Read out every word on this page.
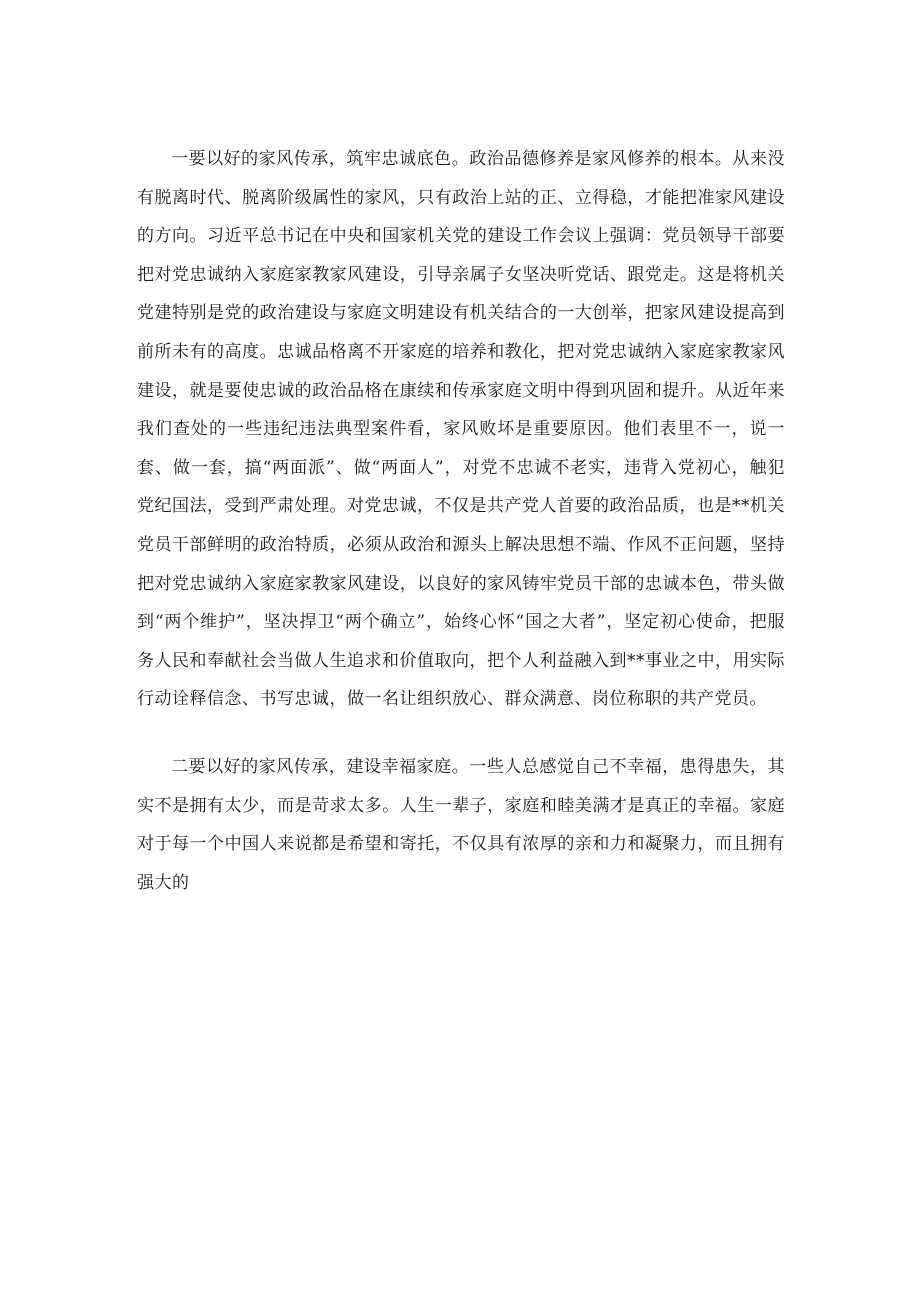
一要以好的家风传承，筑牢忠诚底色。政治品德修养是家风修养的根本。从来没有脱离时代、脱离阶级属性的家风，只有政治上站的正、立得稳，才能把准家风建设的方向。习近平总书记在中央和国家机关党的建设工作会议上强调：党员领导干部要把对党忠诚纳入家庭家教家风建设，引导亲属子女坚决听党话、跟党走。这是将机关党建特别是党的政治建设与家庭文明建设有机关结合的一大创举，把家风建设提高到前所未有的高度。忠诚品格离不开家庭的培养和教化，把对党忠诚纳入家庭家教家风建设，就是要使忠诚的政治品格在康续和传承家庭文明中得到巩固和提升。从近年来我们查处的一些违纪违法典型案件看，家风败坏是重要原因。他们表里不一，说一套、做一套，搞“两面派”、做“两面人”，对党不忠诚不老实，违背入党初心，触犯党纪国法，受到严肃处理。对党忠诚，不仅是共产党人首要的政治品质，也是**机关党员干部鲜明的政治特质，必须从政治和源头上解决思想不端、作风不正问题，坚持把对党忠诚纳入家庭家教家风建设，以良好的家风铸牢党员干部的忠诚本色，带头做到“两个维护”，坚决捍卫“两个确立”，始终心怀“国之大者”，坚定初心使命，把服务人民和奉献社会当做人生追求和价值取向，把个人利益融入到**事业之中，用实际行动诠释信念、书写忠诚，做一名让组织放心、群众满意、岗位称职的共产党员。

二要以好的家风传承，建设幸福家庭。一些人总感觉自己不幸福，患得患失，其实不是拥有太少，而是苛求太多。人生一辈子，家庭和睦美满才是真正的幸福。家庭对于每一个中国人来说都是希望和寄托，不仅具有浓厚的亲和力和凝聚力，而且拥有强大的
